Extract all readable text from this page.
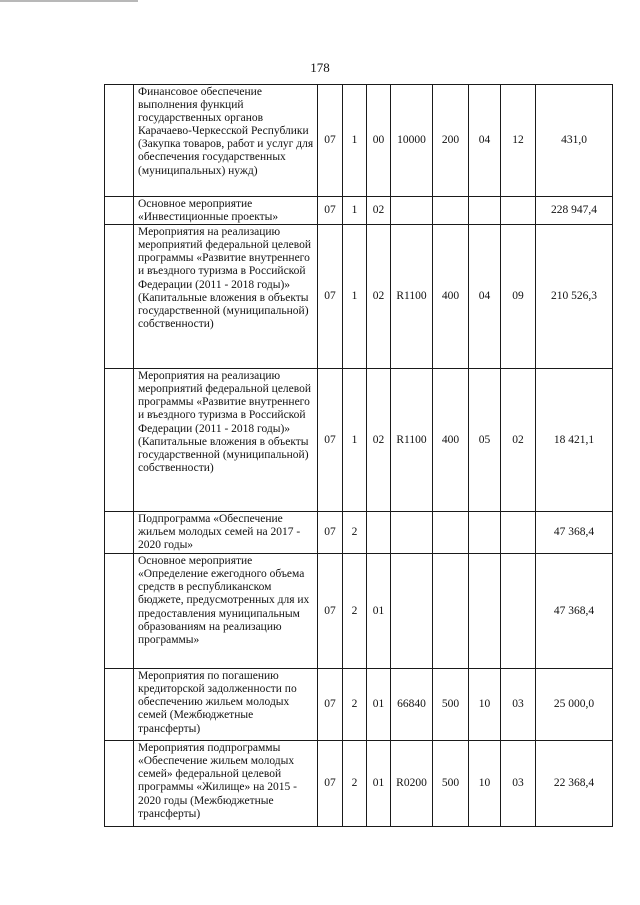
178

	Финансовое обеспечение выполнения функций государственных органов Карачаево-Черкесской Республики (Закупка товаров, работ и услуг для обеспечения государственных (муниципальных) нужд)	07	1	00	10000	200	04	12	431,0

	Основное мероприятие «Инвестиционные проекты»	07	1	02					228 947,4

	Мероприятия на реализацию мероприятий федеральной целевой программы «Развитие внутреннего и въездного туризма в Российской Федерации (2011 - 2018 годы)» (Капитальные вложения в объекты государственной (муниципальной) собственности)	07	1	02	R1100	400	04	09	210 526,3

	Мероприятия на реализацию мероприятий федеральной целевой программы «Развитие внутреннего и въездного туризма в Российской Федерации (2011 - 2018 годы)» (Капитальные вложения в объекты государственной (муниципальной) собственности)	07	1	02	R1100	400	05	02	18 421,1

	Подпрограмма «Обеспечение жильем молодых семей на 2017 - 2020 годы»	07	2						47 368,4

	Основное мероприятие «Определение ежегодного объема средств в республиканском бюджете, предусмотренных для их предоставления муниципальным образованиям на реализацию программы»	07	2	01					47 368,4

	Мероприятия по погашению кредиторской задолженности по обеспечению жильем молодых семей (Межбюджетные трансферты)	07	2	01	66840	500	10	03	25 000,0

	Мероприятия подпрограммы «Обеспечение жильем молодых семей» федеральной целевой программы «Жилище» на 2015 - 2020 годы (Межбюджетные трансферты)	07	2	01	R0200	500	10	03	22 368,4
